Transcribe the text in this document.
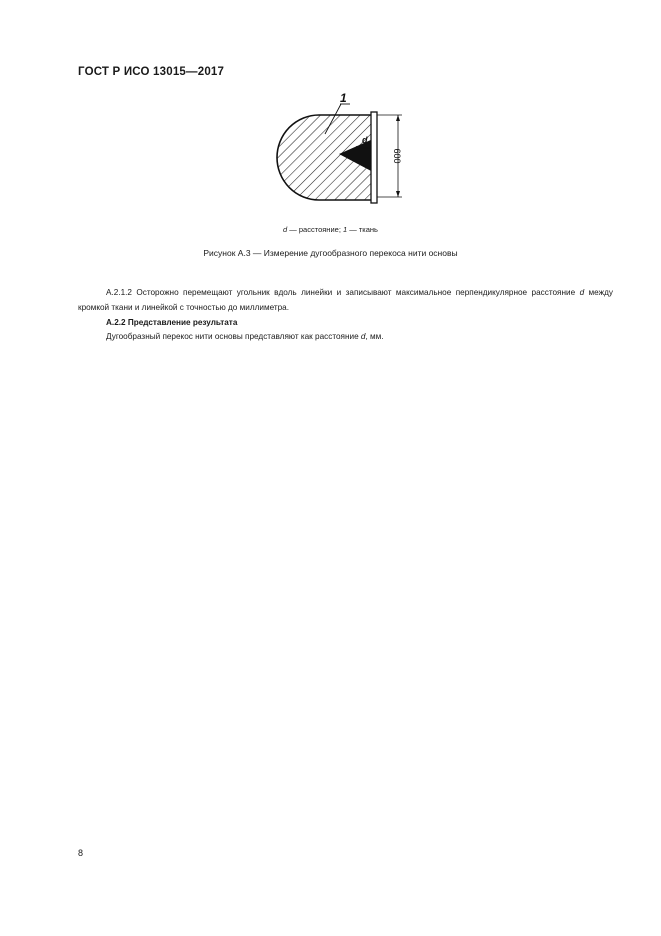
ГОСТ Р ИСО 13015—2017
600
d
1
d — расстояние; 1 — ткань
Рисунок А.3 — Измерение дугообразного перекоса нити основы
А.2.1.2 Осторожно перемещают угольник вдоль линейки и записывают максимальное перпендикулярное расстояние d между кромкой ткани и линейкой с точностью до миллиметра.
А.2.2 Представление результата
Дугообразный перекос нити основы представляют как расстояние d, мм.
8
